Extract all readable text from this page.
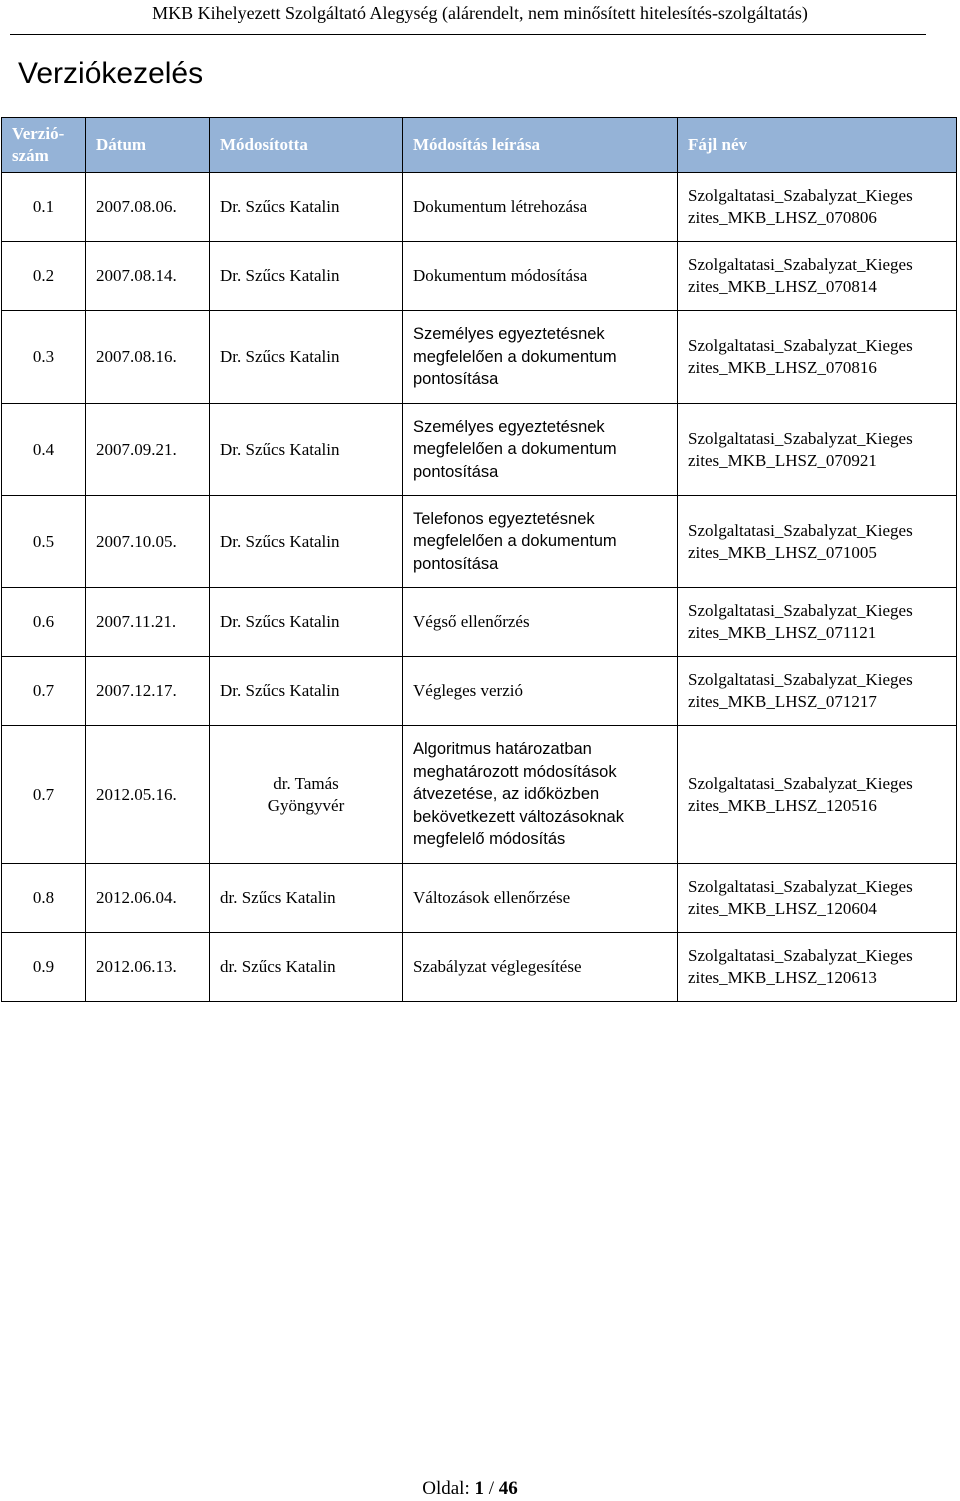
MKB Kihelyezett Szolgáltató Alegység (alárendelt, nem minősített hitelesítés-szolgáltatás)
Verziókezelés
Verzió-
szám	Dátum	Módosította	Módosítás leírása	Fájl név
0.1	2007.08.06.	Dr. Szűcs Katalin	Dokumentum létrehozása	Szolgaltatasi_Szabalyzat_Kieges
zites_MKB_LHSZ_070806
0.2	2007.08.14.	Dr. Szűcs Katalin	Dokumentum módosítása	Szolgaltatasi_Szabalyzat_Kieges
zites_MKB_LHSZ_070814
0.3	2007.08.16.	Dr. Szűcs Katalin	Személyes egyeztetésnek
megfelelően a dokumentum
pontosítása	Szolgaltatasi_Szabalyzat_Kieges
zites_MKB_LHSZ_070816
0.4	2007.09.21.	Dr. Szűcs Katalin	Személyes egyeztetésnek
megfelelően a dokumentum
pontosítása	Szolgaltatasi_Szabalyzat_Kieges
zites_MKB_LHSZ_070921
0.5	2007.10.05.	Dr. Szűcs Katalin	Telefonos egyeztetésnek
megfelelően a dokumentum
pontosítása	Szolgaltatasi_Szabalyzat_Kieges
zites_MKB_LHSZ_071005
0.6	2007.11.21.	Dr. Szűcs Katalin	Végső ellenőrzés	Szolgaltatasi_Szabalyzat_Kieges
zites_MKB_LHSZ_071121
0.7	2007.12.17.	Dr. Szűcs Katalin	Végleges verzió	Szolgaltatasi_Szabalyzat_Kieges
zites_MKB_LHSZ_071217
0.7	2012.05.16.	dr. Tamás
Gyöngyvér	Algoritmus határozatban
meghatározott módosítások
átvezetése, az időközben
bekövetkezett változásoknak
megfelelő módosítás	Szolgaltatasi_Szabalyzat_Kieges
zites_MKB_LHSZ_120516
0.8	2012.06.04.	dr. Szűcs Katalin	Változások ellenőrzése	Szolgaltatasi_Szabalyzat_Kieges
zites_MKB_LHSZ_120604
0.9	2012.06.13.	dr. Szűcs Katalin	Szabályzat véglegesítése	Szolgaltatasi_Szabalyzat_Kieges
zites_MKB_LHSZ_120613
Oldal: 1 / 46
